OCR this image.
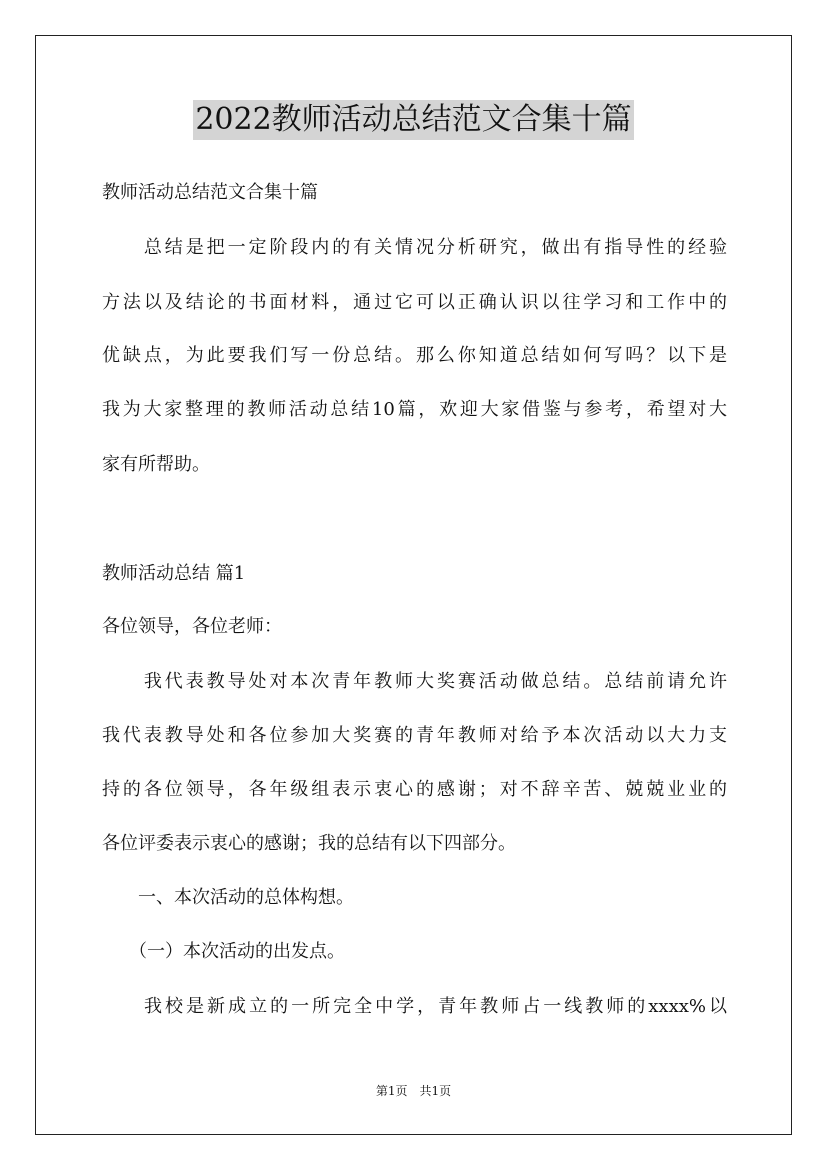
2022教师活动总结范文合集十篇
教师活动总结范文合集十篇
　　总结是把一定阶段内的有关情况分析研究，做出有指导性的经验
方法以及结论的书面材料，通过它可以正确认识以往学习和工作中的
优缺点，为此要我们写一份总结。那么你知道总结如何写吗？以下是
我为大家整理的教师活动总结10篇，欢迎大家借鉴与参考，希望对大
家有所帮助。
教师活动总结 篇1
各位领导，各位老师：
　　我代表教导处对本次青年教师大奖赛活动做总结。总结前请允许
我代表教导处和各位参加大奖赛的青年教师对给予本次活动以大力支
持的各位领导，各年级组表示衷心的感谢；对不辞辛苦、兢兢业业的
各位评委表示衷心的感谢；我的总结有以下四部分。
　　一、本次活动的总体构想。
　　（一）本次活动的出发点。
　　我校是新成立的一所完全中学，青年教师占一线教师的xxxx%以
第1页　共1页
